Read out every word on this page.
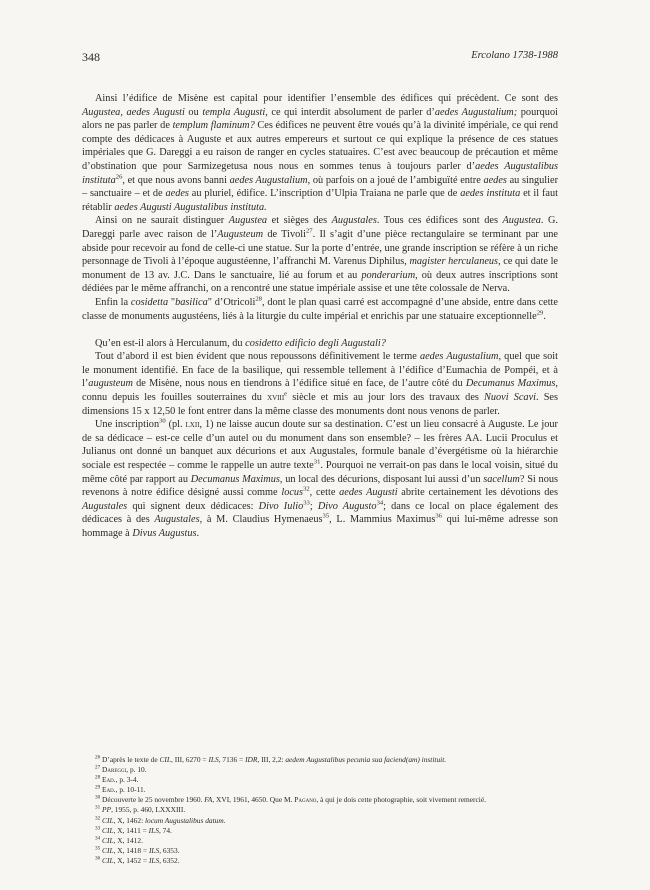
348	Ercolano 1738-1988

Ainsi l’édifice de Misène est capital pour identifier l’ensemble des édifices qui précèdent. Ce sont des Augustea, aedes Augusti ou templa Augusti, ce qui interdit absolument de parler d’aedes Augustalium; pourquoi alors ne pas parler de templum flaminum? Ces édifices ne peuvent être voués qu’à la divinité impériale, ce qui rend compte des dédicaces à Auguste et aux autres empereurs et surtout ce qui explique la présence de ces statues impériales que G. Dareggi a eu raison de ranger en cycles statuaires. C’est avec beaucoup de précaution et même d’obstination que pour Sarmizegetusa nous nous en sommes tenus à toujours parler d’aedes Augustalibus instituta$^{26}$, et que nous avons banni aedes Augustalium, où parfois on a joué de l’ambiguïté entre aedes au singulier – sanctuaire – et de aedes au pluriel, édifice. L’inscription d’Ulpia Traiana ne parle que de aedes instituta et il faut rétablir aedes Augusti Augustalibus instituta.

Ainsi on ne saurait distinguer Augustea et sièges des Augustales. Tous ces édifices sont des Augustea. G. Dareggi parle avec raison de l’Augusteum de Tivoli$^{27}$. Il s’agit d’une pièce rectangulaire se terminant par une abside pour recevoir au fond de celle-ci une statue. Sur la porte d’entrée, une grande inscription se réfère à un riche personnage de Tivoli à l’époque augustéenne, l’affranchi M. Varenus Diphilus, magister herculaneus, ce qui date le monument de 13 av. J.C. Dans le sanctuaire, lié au forum et au ponderarium, où deux autres inscriptions sont dédiées par le même affranchi, on a rencontré une statue impériale assise et une tête colossale de Nerva.

Enfin la cosidetta "basilica" d’Otricoli$^{28}$, dont le plan quasi carré est accompagné d’une abside, entre dans cette classe de monuments augustéens, liés à la liturgie du culte impérial et enrichis par une statuaire exceptionnelle$^{29}$.

Qu’en est-il alors à Herculanum, du cosidetto edificio degli Augustali?

Tout d’abord il est bien évident que nous repoussons définitivement le terme aedes Augustalium, quel que soit le monument identifié. En face de la basilique, qui ressemble tellement à l’édifice d’Eumachia de Pompéi, et à l’augusteum de Misène, nous nous en tiendrons à l’édifice situé en face, de l’autre côté du Decumanus Maximus, connu depuis les fouilles souterraines du xviii$^e$ siècle et mis au jour lors des travaux des Nuovi Scavi. Ses dimensions 15 x 12,50 le font entrer dans la même classe des monuments dont nous venons de parler.

Une inscription$^{30}$ (pl. lxii, 1) ne laisse aucun doute sur sa destination. C’est un lieu consacré à Auguste. Le jour de sa dédicace – est-ce celle d’un autel ou du monument dans son ensemble? – les frères AA. Lucii Proculus et Julianus ont donné un banquet aux décurions et aux Augustales, formule banale d’évergétisme où la hiérarchie sociale est respectée – comme le rappelle un autre texte$^{31}$. Pourquoi ne verrait-on pas dans le local voisin, situé du même côté par rapport au Decumanus Maximus, un local des décurions, disposant lui aussi d’un sacellum? Si nous revenons à notre édifice désigné aussi comme locus$^{32}$, cette aedes Augusti abrite certainement les dévotions des Augustales qui signent deux dédicaces: Divo Iulio$^{33}$; Divo Augusto$^{34}$; dans ce local on place également des dédicaces à des Augustales, à M. Claudius Hymenaeus$^{35}$, L. Mammius Maximus$^{36}$ qui lui-même adresse son hommage à Divus Augustus.

$^{26}$ D’après le texte de CIL, III, 6270 = ILS, 7136 = IDR, III, 2,2: aedem Augustalibus pecunia sua faciend(am) instituit.

$^{27}$ Dareggi, p. 10.

$^{28}$ Ead., p. 3-4.

$^{29}$ Ead., p. 10-11.

$^{30}$ Découverte le 25 novembre 1960. FA, XVI, 1961, 4650. Que M. Pagano, à qui je dois cette photographie, soit vivement remercié.

$^{31}$ PP, 1955, p. 460, LXXXIII.

$^{32}$ CIL, X, 1462: locum Augustalibus datum.

$^{33}$ CIL, X, 1411 = ILS, 74.

$^{34}$ CIL, X, 1412.

$^{35}$ CIL, X, 1418 = ILS, 6353.

$^{36}$ CIL, X, 1452 = ILS, 6352.
